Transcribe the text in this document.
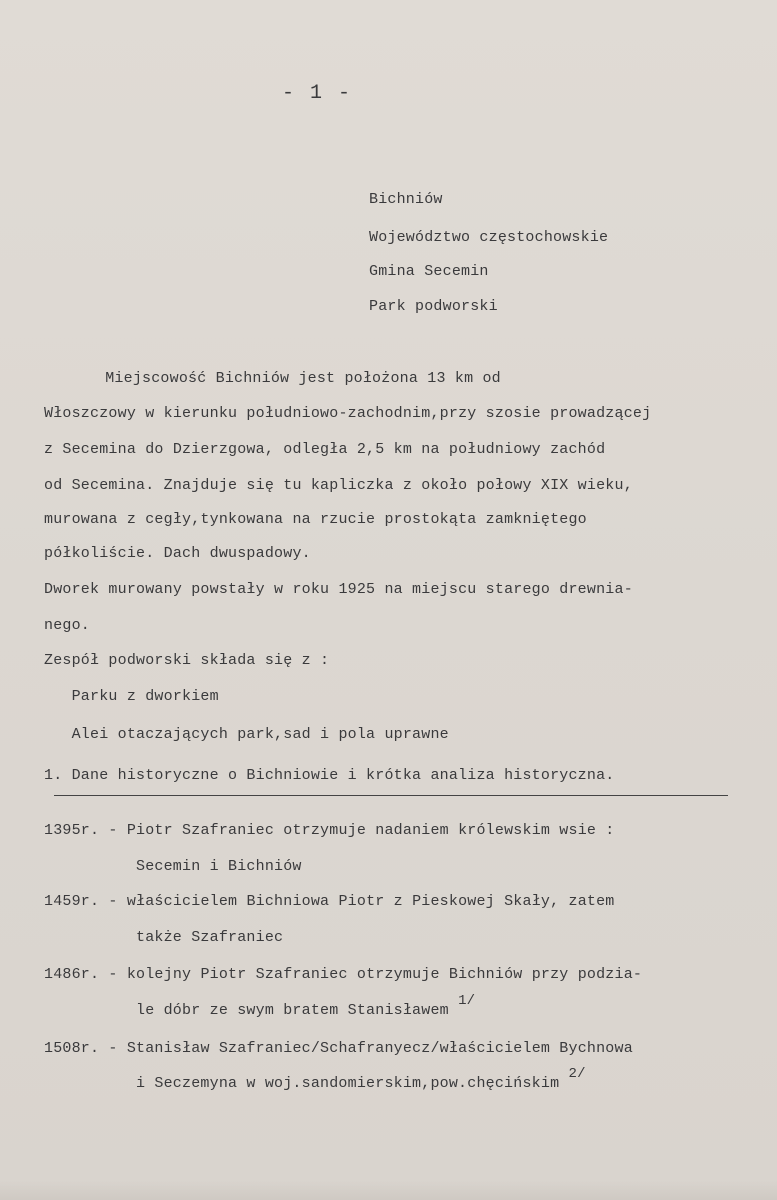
- 1 -
Bichniów
Województwo częstochowskie
Gmina Secemin
Park podworski
Miejscowość Bichniów jest położona 13 km od
Włoszczowy w kierunku południowo-zachodnim,przy szosie prowadzącej
z Secemina do Dzierzgowa, odległa 2,5 km na południowy zachód
od Secemina. Znajduje się tu kapliczka z około połowy XIX wieku,
murowana z cegły,tynkowana na rzucie prostokąta zamkniętego
półkoliście. Dach dwuspadowy.
Dworek murowany powstały w roku 1925 na miejscu starego drewnia-
nego.
Zespół podworski składa się z :
Parku z dworkiem
Alei otaczających park,sad i pola uprawne
1. Dane historyczne o Bichniowie i krótka analiza historyczna.
1395r. - Piotr Szafraniec otrzymuje nadaniem królewskim wsie :
Secemin i Bichniów
1459r. - właścicielem Bichniowa Piotr z Pieskowej Skały, zatem
także Szafraniec
1486r. - kolejny Piotr Szafraniec otrzymuje Bichniów przy podzia-
le dóbr ze swym bratem Stanisławem 1/
1508r. - Stanisław Szafraniec/Schafranyecz/właścicielem Bychnowa
i Seczemyna w woj.sandomierskim,pow.chęcińskim 2/
